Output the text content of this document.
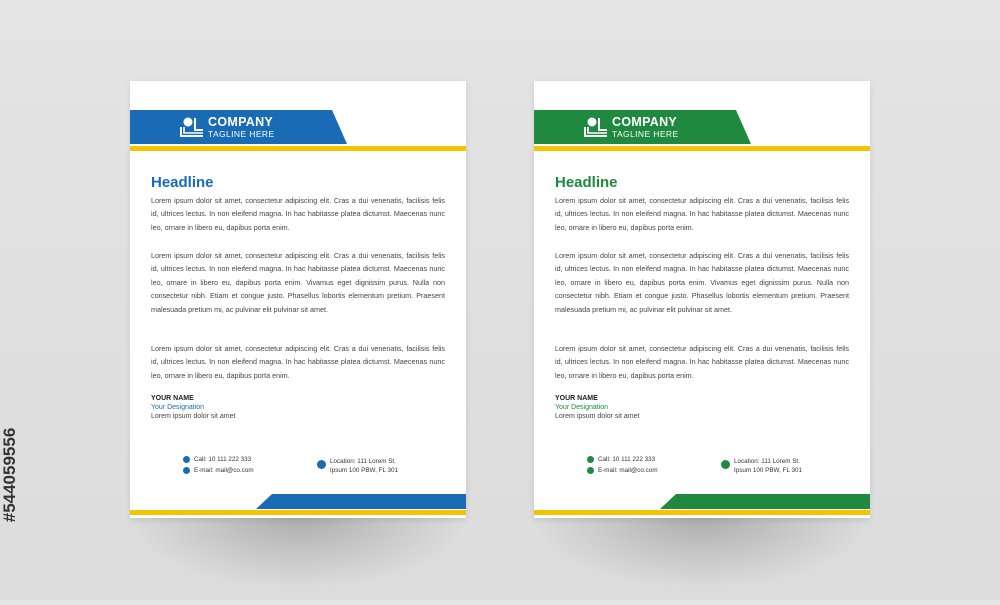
#544059556
COMPANY
TAGLINE HERE
Headline

Lorem ipsum dolor sit amet, consectetur adipiscing elit. Cras a dui venenatis, facilisis felis id, ultrices lectus. In non eleifend magna. In hac habitasse platea dictumst. Maecenas nunc leo, ornare in libero eu, dapibus porta enim.

Lorem ipsum dolor sit amet, consectetur adipiscing elit. Cras a dui venenatis, facilisis felis id, ultrices lectus. In non eleifend magna. In hac habitasse platea dictumst. Maecenas nunc leo, ornare in libero eu, dapibus porta enim. Vivamus eget dignissim purus. Nulla non consectetur nibh. Etiam et congue justo. Phasellus lobortis elementum pretium. Praesent malesuada pretium mi, ac pulvinar elit pulvinar sit amet.

Lorem ipsum dolor sit amet, consectetur adipiscing elit. Cras a dui venenatis, facilisis felis id, ultrices lectus. In non eleifend magna. In hac habitasse platea dictumst. Maecenas nunc leo, ornare in libero eu, dapibus porta enim.

YOUR NAME
Your Designation
Lorem ipsum dolor sit amet
Call: 10 111 222 333
E-mail: mail@co.com
Location: 111 Lorem St.
Ipsum 100 PBW, FL 301
COMPANY
TAGLINE HERE
Headline

Lorem ipsum dolor sit amet, consectetur adipiscing elit. Cras a dui venenatis, facilisis felis id, ultrices lectus. In non eleifend magna. In hac habitasse platea dictumst. Maecenas nunc leo, ornare in libero eu, dapibus porta enim.

Lorem ipsum dolor sit amet, consectetur adipiscing elit. Cras a dui venenatis, facilisis felis id, ultrices lectus. In non eleifend magna. In hac habitasse platea dictumst. Maecenas nunc leo, ornare in libero eu, dapibus porta enim. Vivamus eget dignissim purus. Nulla non consectetur nibh. Etiam et congue justo. Phasellus lobortis elementum pretium. Praesent malesuada pretium mi, ac pulvinar elit pulvinar sit amet.

Lorem ipsum dolor sit amet, consectetur adipiscing elit. Cras a dui venenatis, facilisis felis id, ultrices lectus. In non eleifend magna. In hac habitasse platea dictumst. Maecenas nunc leo, ornare in libero eu, dapibus porta enim.

YOUR NAME
Your Designation
Lorem ipsum dolor sit amet
Call: 10 111 222 333
E-mail: mail@co.com
Location: 111 Lorem St.
Ipsum 100 PBW, FL 301
